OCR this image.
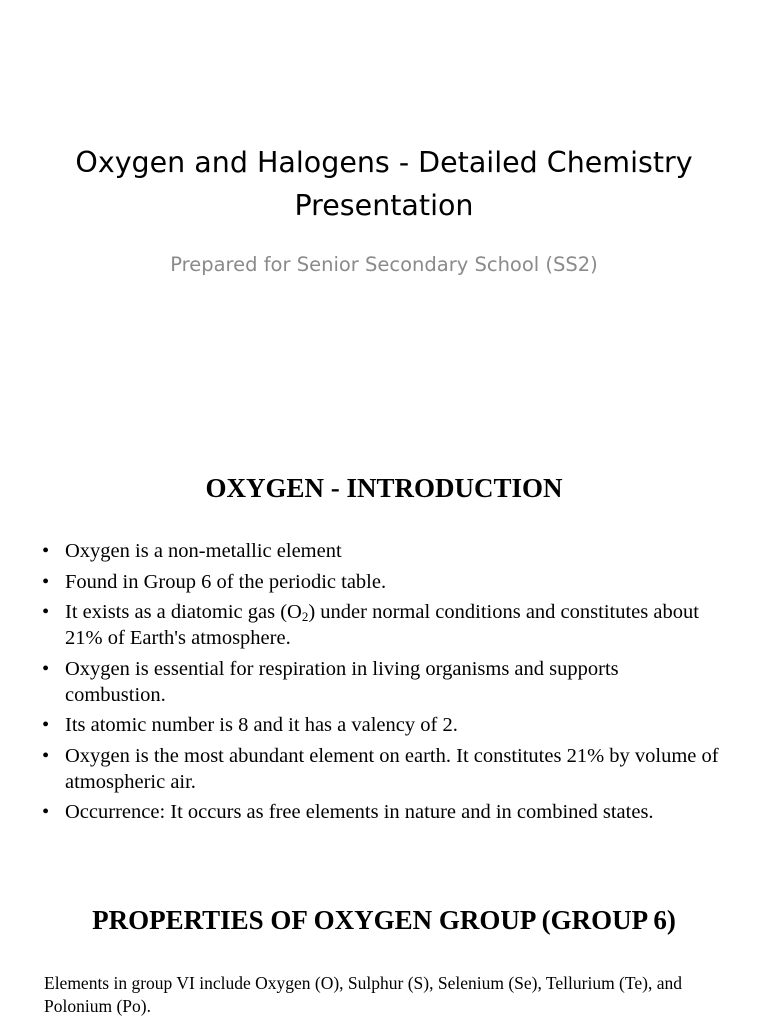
Oxygen and Halogens - Detailed Chemistry Presentation

Prepared for Senior Secondary School (SS2)

OXYGEN - INTRODUCTION
• Oxygen is a non-metallic element
• Found in Group 6 of the periodic table.
• It exists as a diatomic gas $(O_2)$ under normal conditions and constitutes about 21% of Earth's atmosphere.
• Oxygen is essential for respiration in living organisms and supports combustion.
• Its atomic number is 8 and it has a valency of 2.
• Oxygen is the most abundant element on earth. It constitutes 21% by volume of atmospheric air.
• Occurrence: It occurs as free elements in nature and in combined states.
PROPERTIES OF OXYGEN GROUP (GROUP 6)

Elements in group VI include Oxygen (O), Sulphur (S), Selenium (Se), Tellurium (Te), and Polonium (Po).
